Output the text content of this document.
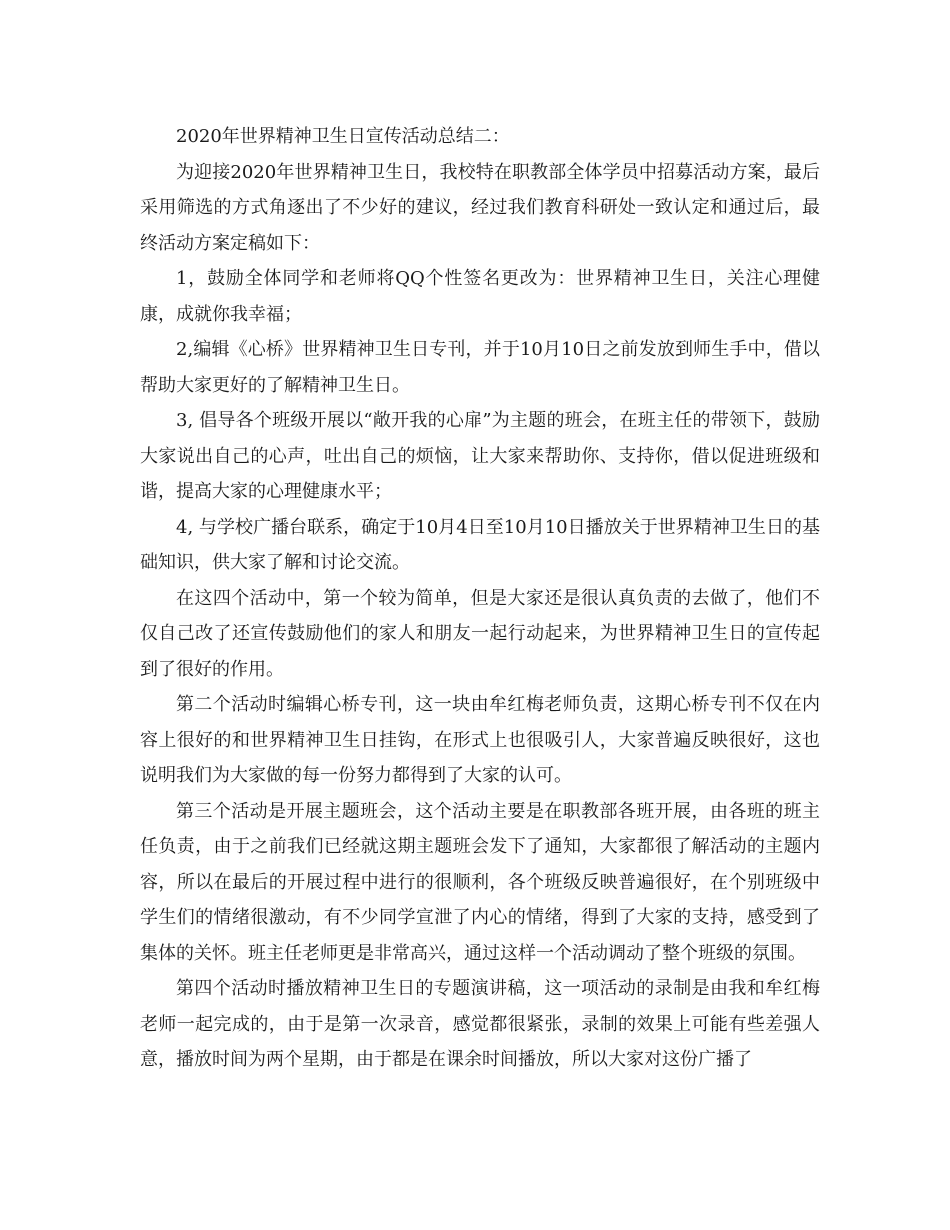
2020年世界精神卫生日宣传活动总结二：

为迎接2020年世界精神卫生日，我校特在职教部全体学员中招募活动方案，最后采用筛选的方式角逐出了不少好的建议，经过我们教育科研处一致认定和通过后，最终活动方案定稿如下：

1，鼓励全体同学和老师将QQ个性签名更改为：世界精神卫生日，关注心理健康，成就你我幸福；

2,编辑《心桥》世界精神卫生日专刊，并于10月10日之前发放到师生手中，借以帮助大家更好的了解精神卫生日。

3, 倡导各个班级开展以“敞开我的心扉”为主题的班会，在班主任的带领下，鼓励大家说出自己的心声，吐出自己的烦恼，让大家来帮助你、支持你，借以促进班级和谐，提高大家的心理健康水平；

4, 与学校广播台联系，确定于10月4日至10月10日播放关于世界精神卫生日的基础知识，供大家了解和讨论交流。

在这四个活动中，第一个较为简单，但是大家还是很认真负责的去做了，他们不仅自己改了还宣传鼓励他们的家人和朋友一起行动起来，为世界精神卫生日的宣传起到了很好的作用。

第二个活动时编辑心桥专刊，这一块由牟红梅老师负责，这期心桥专刊不仅在内容上很好的和世界精神卫生日挂钩，在形式上也很吸引人，大家普遍反映很好，这也说明我们为大家做的每一份努力都得到了大家的认可。

第三个活动是开展主题班会，这个活动主要是在职教部各班开展，由各班的班主任负责，由于之前我们已经就这期主题班会发下了通知，大家都很了解活动的主题内容，所以在最后的开展过程中进行的很顺利，各个班级反映普遍很好，在个别班级中学生们的情绪很激动，有不少同学宣泄了内心的情绪，得到了大家的支持，感受到了集体的关怀。班主任老师更是非常高兴，通过这样一个活动调动了整个班级的氛围。

第四个活动时播放精神卫生日的专题演讲稿，这一项活动的录制是由我和牟红梅老师一起完成的，由于是第一次录音，感觉都很紧张，录制的效果上可能有些差强人意，播放时间为两个星期，由于都是在课余时间播放，所以大家对这份广播了
